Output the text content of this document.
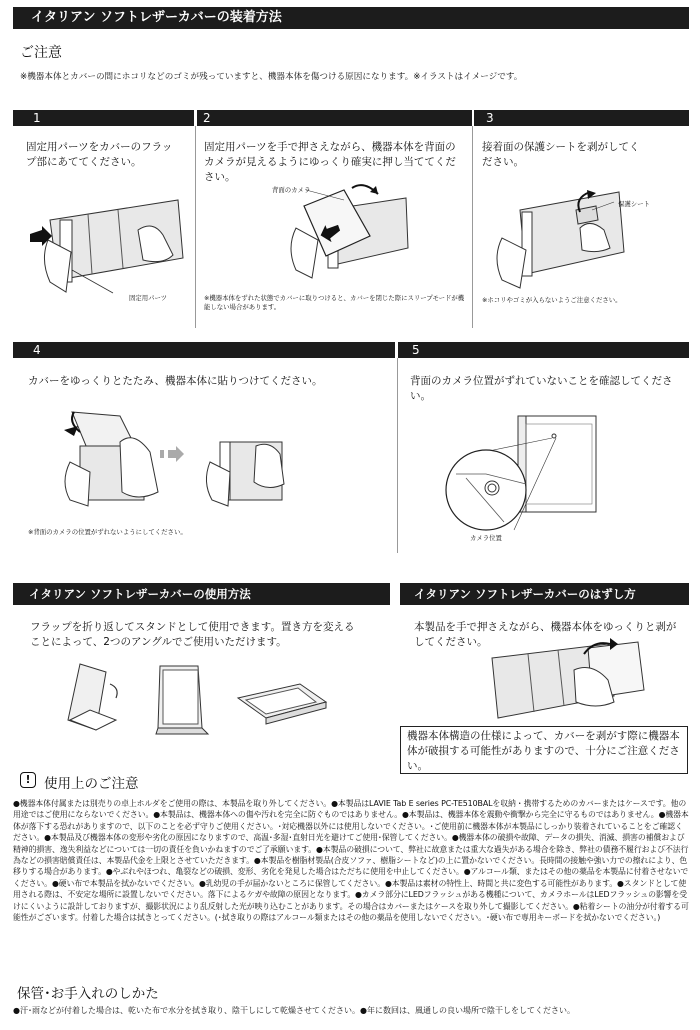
イタリアン ソフトレザーカバーの装着方法
ご注意
※機器本体とカバーの間にホコリなどのゴミが残っていますと、機器本体を傷つける原因になります。※イラストはイメージです。
1	2	3
固定用パーツをカバーのフラップ部にあててください。
固定用パーツを手で押さえながら、機器本体を背面のカメラが見えるようにゆっくり確実に押し当ててください。
接着面の保護シートを剥がしてください。
固定用パーツ
背面のカメラ
※機器本体をずれた状態でカバーに取りつけると、カバーを閉じた際にスリープモードが機能しない場合があります。
保護シート
※ホコリやゴミが入らないようご注意ください。
4	5
カバーをゆっくりとたたみ、機器本体に貼りつけてください。	背面のカメラ位置がずれていないことを確認してください。
※背面のカメラの位置がずれないようにしてください。
カメラ位置
イタリアン ソフトレザーカバーの使用方法
フラップを折り返してスタンドとして使用できます。置き方を変えることによって、2つのアングルでご使用いただけます。
イタリアン ソフトレザーカバーのはずし方
本製品を手で押さえながら、機器本体をゆっくりと剥がしてください。
機器本体構造の仕様によって、カバーを剥がす際に機器本体が破損する可能性がありますので、十分にご注意ください。
! 使用上のご注意
●機器本体付属または別売りの卓上ホルダをご使用の際は、本製品を取り外してください。●本製品はLAVIE Tab E series PC-TE510BALを収納・携帯するためのカバーまたはケースです。他の用途ではご使用にならないでください。●本製品は、機器本体への傷や汚れを完全に防ぐものではありません。●本製品は、機器本体を震動や衝撃から完全に守るものではありません。●機器本体が落下する恐れがありますので、以下のことを必ず守りご使用ください。･対応機器以外には使用しないでください。･ご使用前に機器本体が本製品にしっかり装着されていることをご確認ください。●本製品及び機器本体の変形や劣化の原因になりますので、高温･多湿･直射日光を避けてご使用･保管してください。●機器本体の破損や故障、データの損失、消滅、損害の補償および精神的損害、逸失利益などについては一切の責任を負いかねますのでご了承願います。●本製品の破損について、弊社に故意または重大な過失がある場合を除き、弊社の債務不履行および不法行為などの損害賠償責任は、本製品代金を上限とさせていただきます。●本製品を樹脂材製品(合皮ソファ、樹脂シートなど)の上に置かないでください。長時間の接触や強い力での擦れにより、色移りする場合があります。●やぶれやほつれ、亀裂などの破損、変形、劣化を発見した場合はただちに使用を中止してください。●アルコール類、またはその他の薬品を本製品に付着させないでください。●硬い布で本製品を拭かないでください。●乳幼児の手が届かないところに保管してください。●本製品は素材の特性上、時間と共に変色する可能性があります。●スタンドとして使用される際は、不安定な場所に設置しないでください。落下によるケガや故障の原因となります。●カメラ部分にLEDフラッシュがある機種について、カメラホールはLEDフラッシュの影響を受けにくいように設計しておりますが、撮影状況により乱反射した光が映り込むことがあります。その場合はカバーまたはケースを取り外して撮影してください。●粘着シートの油分が付着する可能性がございます。付着した場合は拭きとってください。(･拭き取りの際はアルコール類またはその他の薬品を使用しないでください。･硬い布で専用キーボードを拭かないでください。)
保管･お手入れのしかた
●汗･雨などが付着した場合は、乾いた布で水分を拭き取り、陰干しにして乾燥させてください。●年に数回は、風通しの良い場所で陰干しをしてください。
